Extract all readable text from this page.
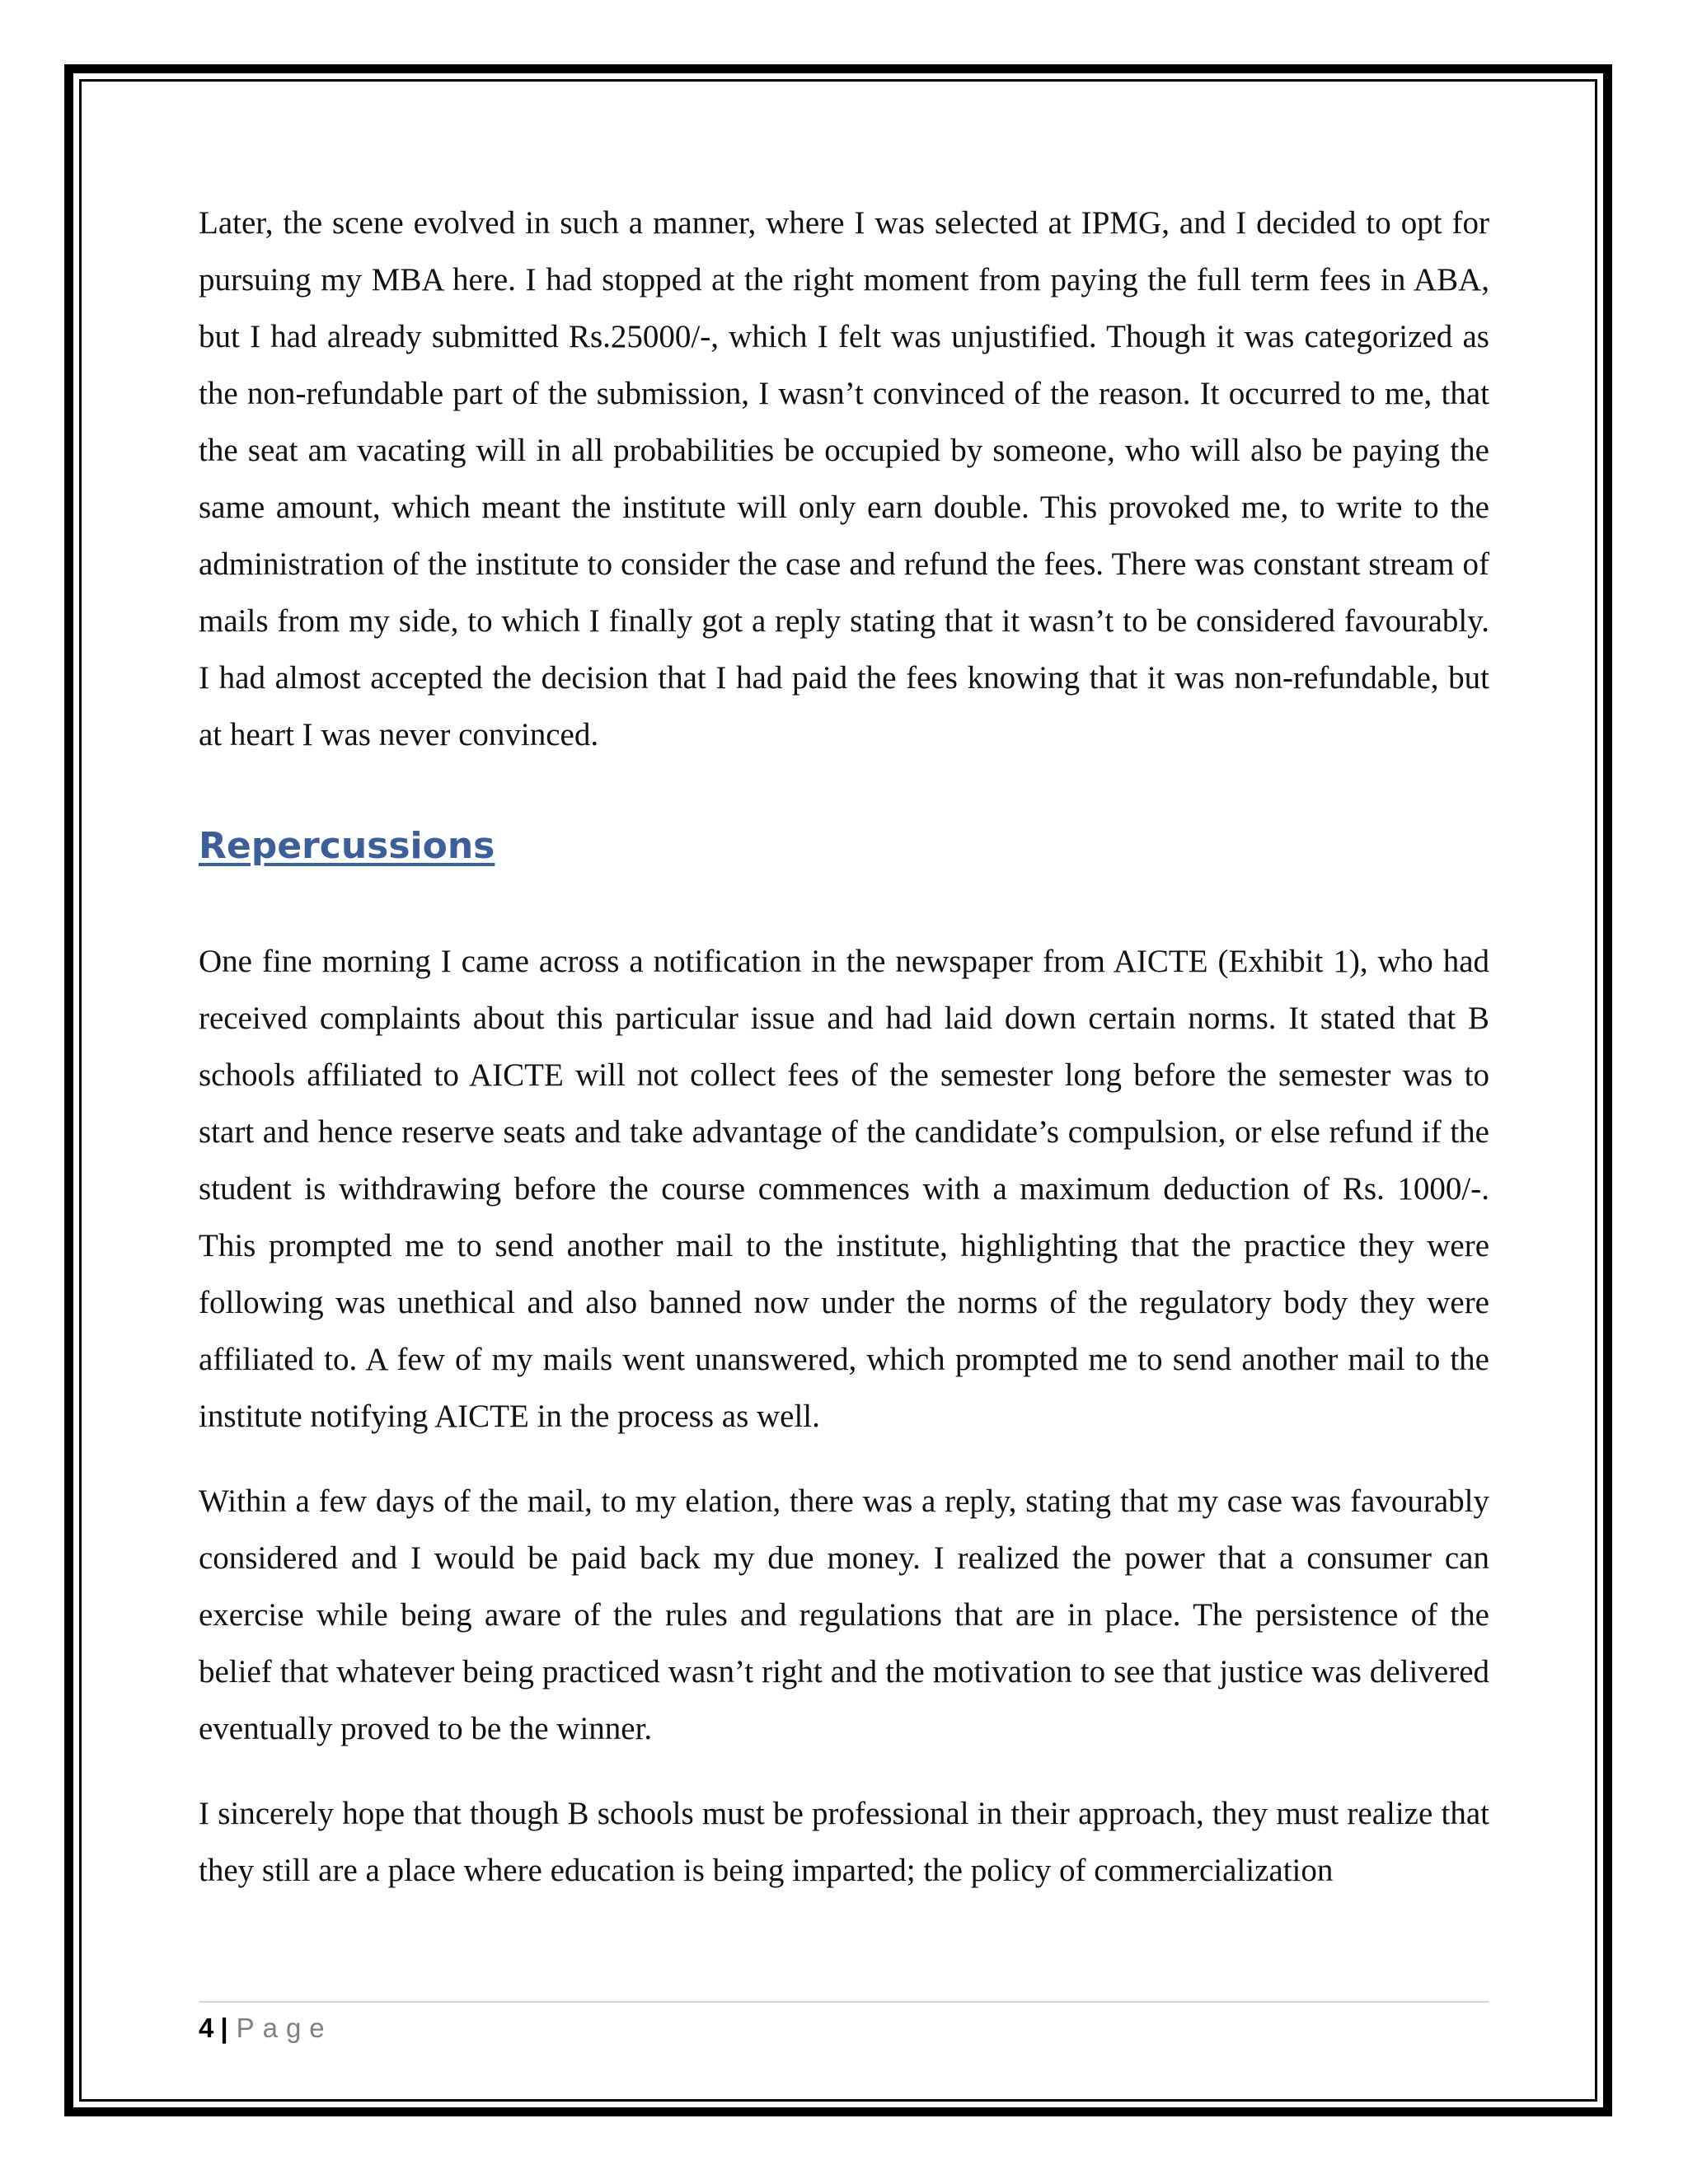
Later, the scene evolved in such a manner, where I was selected at IPMG, and I decided to opt for pursuing my MBA here. I had stopped at the right moment from paying the full term fees in ABA, but I had already submitted Rs.25000/-, which I felt was unjustified. Though it was categorized as the non-refundable part of the submission, I wasn’t convinced of the reason. It occurred to me, that the seat am vacating will in all probabilities be occupied by someone, who will also be paying the same amount, which meant the institute will only earn double. This provoked me, to write to the administration of the institute to consider the case and refund the fees. There was constant stream of mails from my side, to which I finally got a reply stating that it wasn’t to be considered favourably. I had almost accepted the decision that I had paid the fees knowing that it was non-refundable, but at heart I was never convinced.

Repercussions

One fine morning I came across a notification in the newspaper from AICTE (Exhibit 1), who had received complaints about this particular issue and had laid down certain norms. It stated that B schools affiliated to AICTE will not collect fees of the semester long before the semester was to start and hence reserve seats and take advantage of the candidate’s compulsion, or else refund if the student is withdrawing before the course commences with a maximum deduction of Rs. 1000/-. This prompted me to send another mail to the institute, highlighting that the practice they were following was unethical and also banned now under the norms of the regulatory body they were affiliated to. A few of my mails went unanswered, which prompted me to send another mail to the institute notifying AICTE in the process as well.

Within a few days of the mail, to my elation, there was a reply, stating that my case was favourably considered and I would be paid back my due money. I realized the power that a consumer can exercise while being aware of the rules and regulations that are in place. The persistence of the belief that whatever being practiced wasn’t right and the motivation to see that justice was delivered eventually proved to be the winner.

I sincerely hope that though B schools must be professional in their approach, they must realize that they still are a place where education is being imparted; the policy of commercialization

4 | Page
